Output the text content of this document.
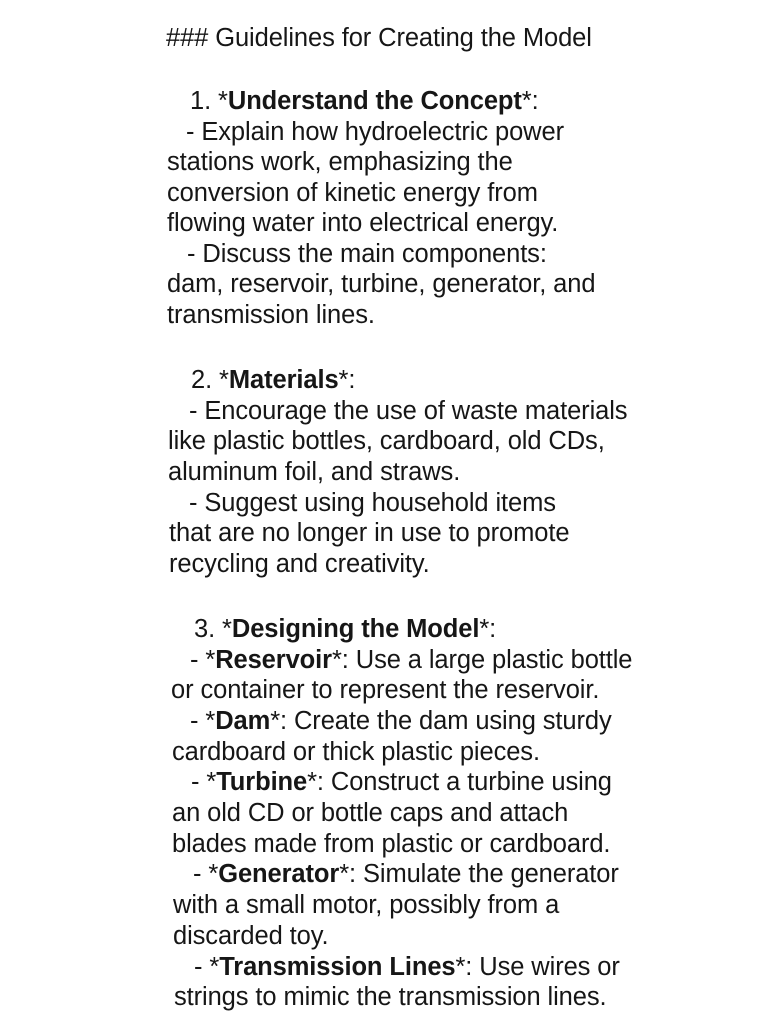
### Guidelines for Creating the Model
1. *Understand the Concept*:
- Explain how hydroelectric power
stations work, emphasizing the
conversion of kinetic energy from
flowing water into electrical energy.
- Discuss the main components:
dam, reservoir, turbine, generator, and
transmission lines.
2. *Materials*:
- Encourage the use of waste materials
like plastic bottles, cardboard, old CDs,
aluminum foil, and straws.
- Suggest using household items
that are no longer in use to promote
recycling and creativity.
3. *Designing the Model*:
- *Reservoir*: Use a large plastic bottle
or container to represent the reservoir.
- *Dam*: Create the dam using sturdy
cardboard or thick plastic pieces.
- *Turbine*: Construct a turbine using
an old CD or bottle caps and attach
blades made from plastic or cardboard.
- *Generator*: Simulate the generator
with a small motor, possibly from a
discarded toy.
- *Transmission Lines*: Use wires or
strings to mimic the transmission lines.
